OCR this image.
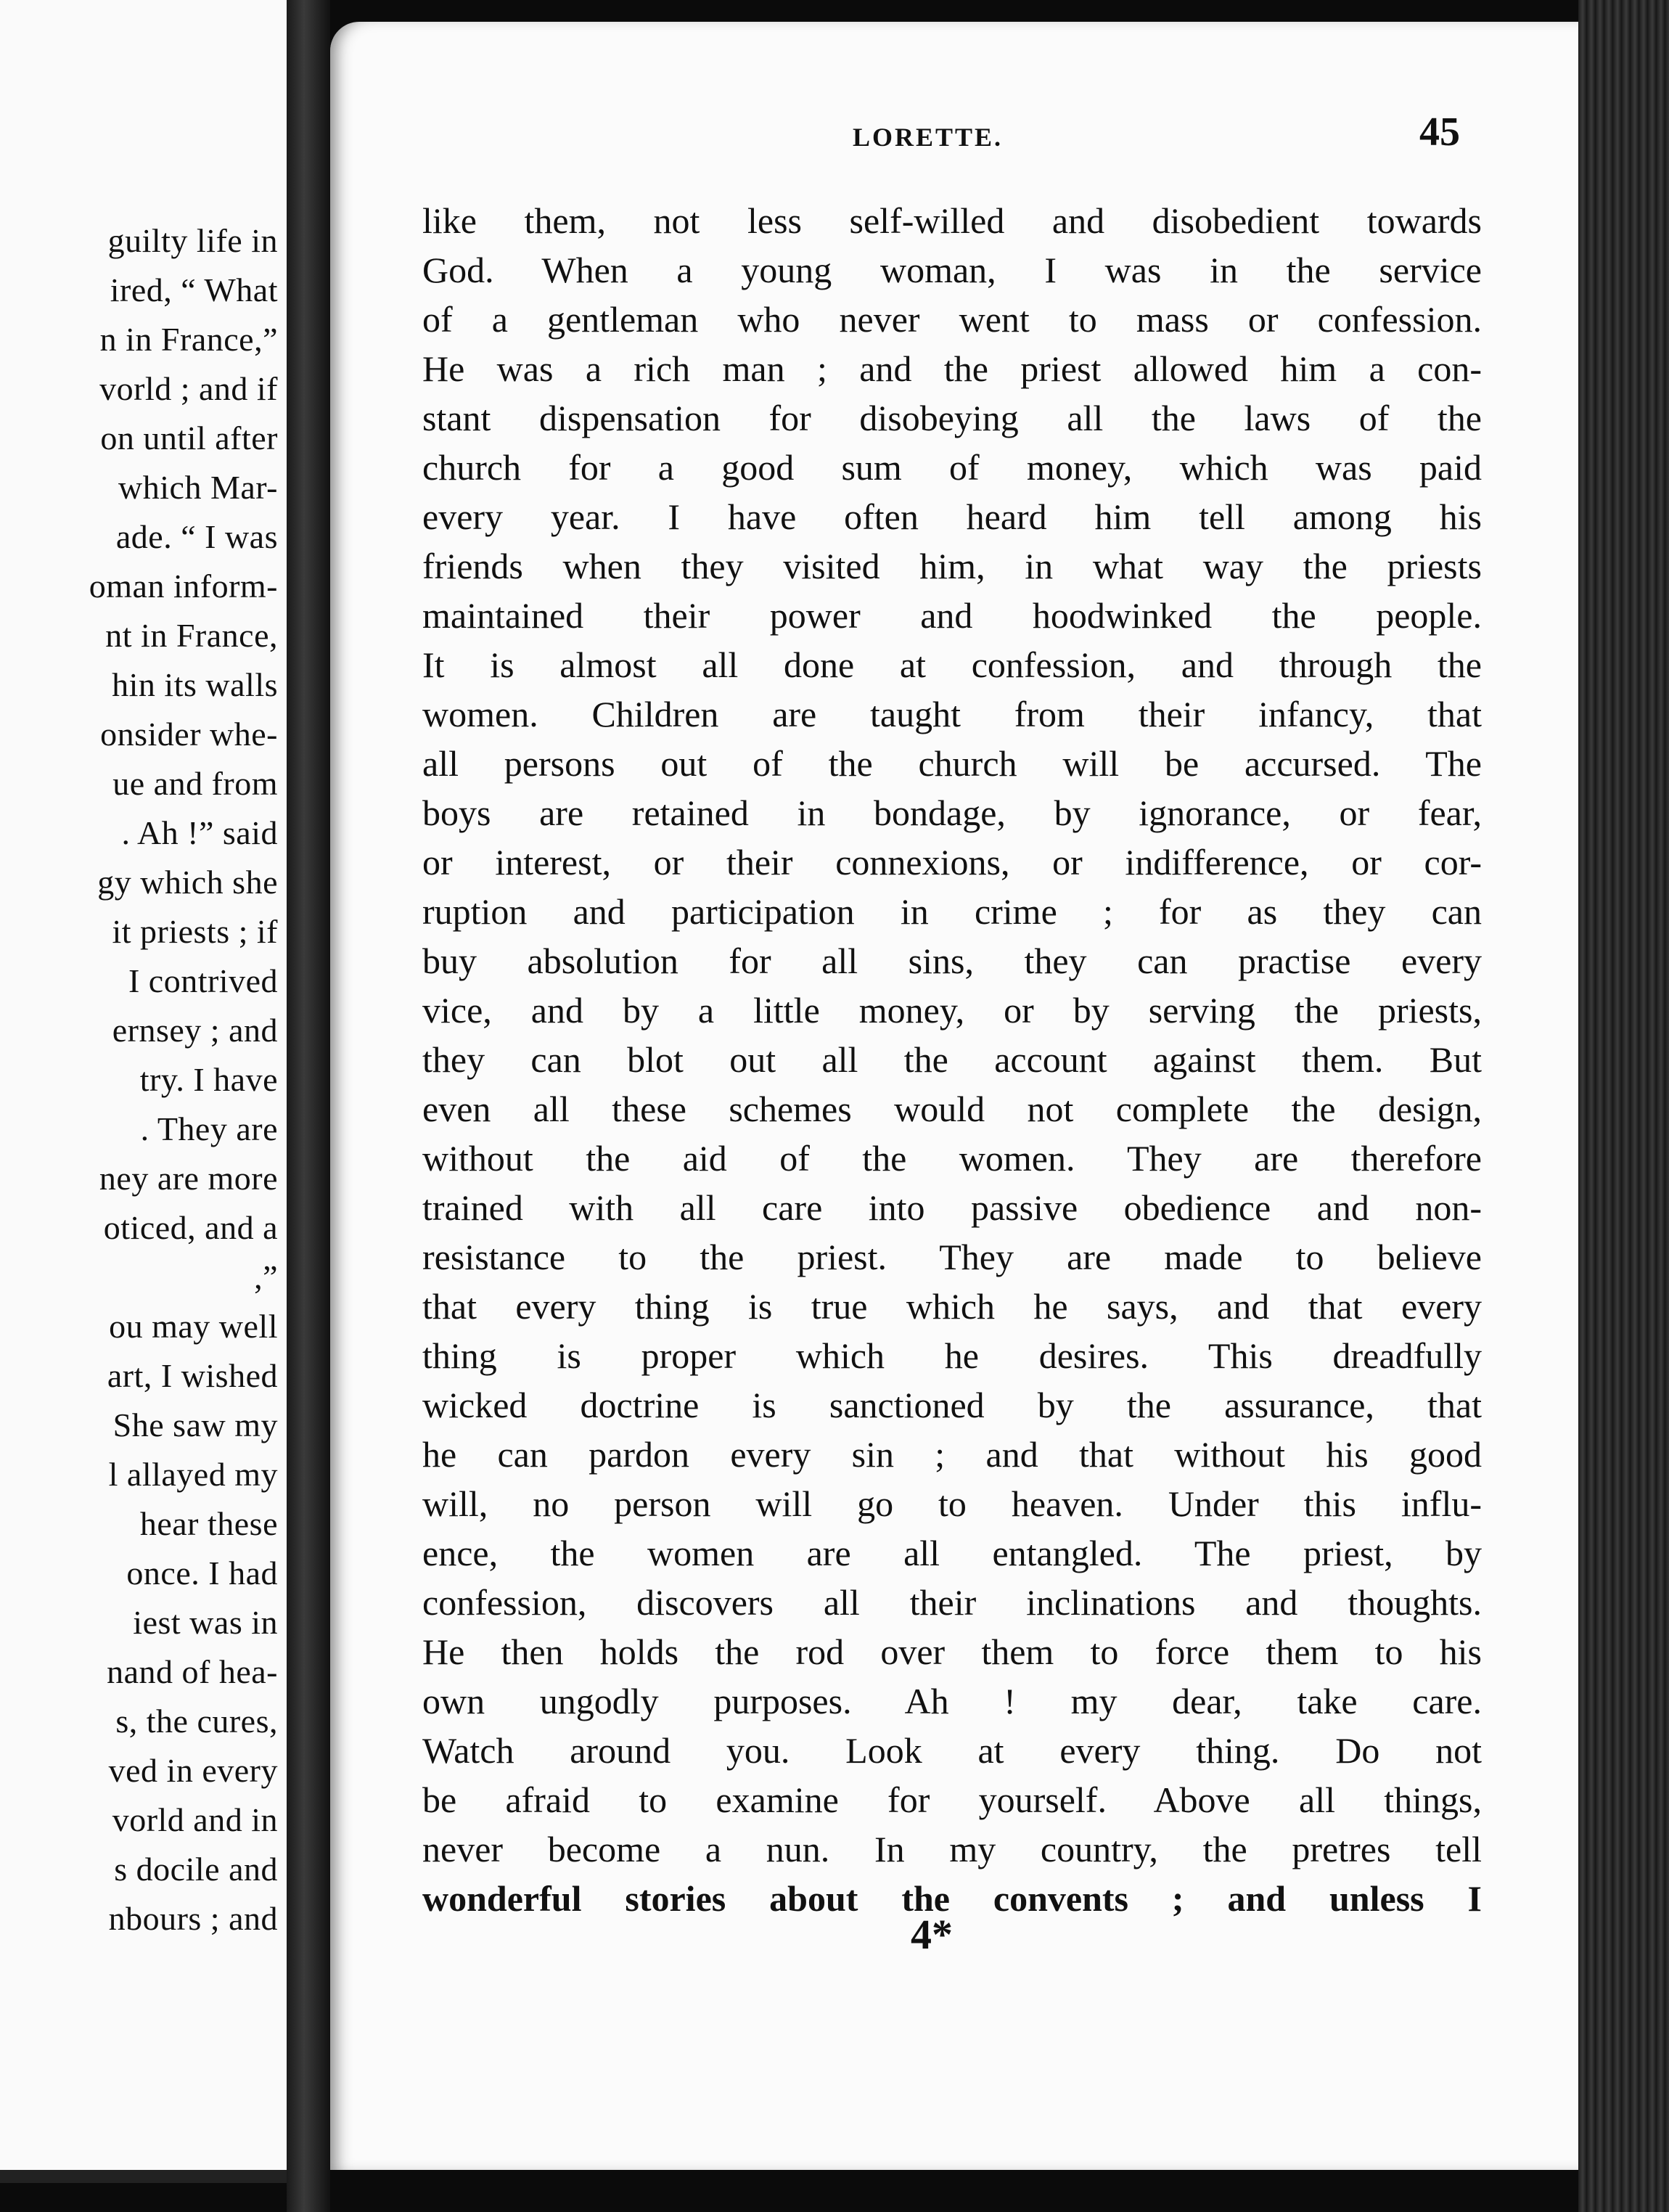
guilty life in
ired, “ What
n in France,”
vorld ; and if
on until after
which Mar-
ade. “ I was
oman inform-
nt in France,
hin its walls
onsider whe-
ue and from
. Ah !” said
gy which she
it priests ; if
I contrived
ernsey ; and
try. I have
. They are
ney are more
oticed, and a
,”
ou may well
art, I wished
She saw my
l allayed my
hear these
once. I had
iest was in
nand of hea-
s, the cures,
ved in every
vorld and in
s docile and
nbours ; and
LORETTE.	45
like them, not less self-willed and disobedient towards
God. When a young woman, I was in the service
of a gentleman who never went to mass or confession.
He was a rich man ; and the priest allowed him a con-
stant dispensation for disobeying all the laws of the
church for a good sum of money, which was paid
every year. I have often heard him tell among his
friends when they visited him, in what way the priests
maintained their power and hoodwinked the people.
It is almost all done at confession, and through the
women. Children are taught from their infancy, that
all persons out of the church will be accursed. The
boys are retained in bondage, by ignorance, or fear,
or interest, or their connexions, or indifference, or cor-
ruption and participation in crime ; for as they can
buy absolution for all sins, they can practise every
vice, and by a little money, or by serving the priests,
they can blot out all the account against them. But
even all these schemes would not complete the design,
without the aid of the women. They are therefore
trained with all care into passive obedience and non-
resistance to the priest. They are made to believe
that every thing is true which he says, and that every
thing is proper which he desires. This dreadfully
wicked doctrine is sanctioned by the assurance, that
he can pardon every sin ; and that without his good
will, no person will go to heaven. Under this influ-
ence, the women are all entangled. The priest, by
confession, discovers all their inclinations and thoughts.
He then holds the rod over them to force them to his
own ungodly purposes. Ah ! my dear, take care.
Watch around you. Look at every thing. Do not
be afraid to examine for yourself. Above all things,
never become a nun. In my country, the pretres tell
wonderful stories about the convents ; and unless I
4*
